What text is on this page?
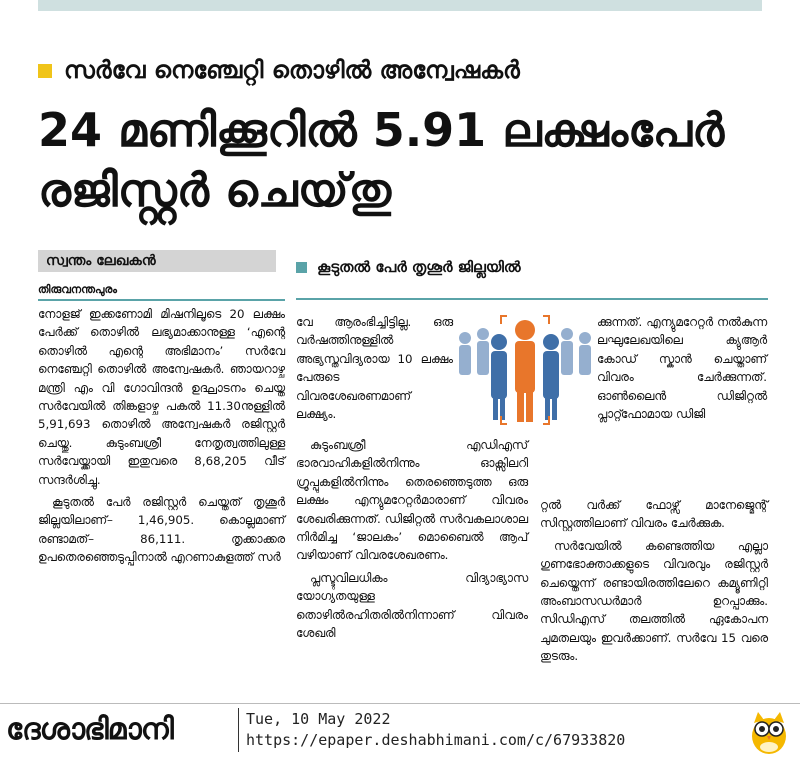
സർവേ നെഞ്ചേറ്റി തൊഴിൽ അന്വേഷകർ
24 മണിക്കൂറിൽ 5.91 ലക്ഷംപേർ
രജിസ്റ്റർ ചെയ്‌തു
സ്വന്തം ലേഖകൻ
തിരുവനന്തപുരം
കൂടുതൽ പേർ തൃശൂർ ജില്ലയിൽ

നോളജ് ഇക്കണോമി മിഷനിലൂടെ 20 ലക്ഷം പേർക്ക് തൊഴിൽ ലഭ്യമാക്കാനുള്ള ‘എന്റെ തൊഴിൽ എന്റെ അഭിമാനം’ സർവേ നെഞ്ചേറ്റി തൊഴിൽ അന്വേഷകർ. ഞായറാഴ്ച മന്ത്രി എം വി ഗോവിന്ദൻ ഉദ്ഘാടനം ചെയ്ത സർവേയിൽ തിങ്കളാഴ്ച പകൽ 11.30നുള്ളിൽ 5,91,693 തൊഴിൽ അന്വേഷകർ രജിസ്റ്റർ ചെയ്തു. കുടുംബശ്രീ നേതൃത്വത്തിലുള്ള സർവേയ്ക്കായി ഇതുവരെ 8,68,205 വീട് സന്ദർശിച്ചു.

കൂടുതൽ പേർ രജിസ്റ്റർ ചെയ്തത് തൃശൂർ ജില്ലയിലാണ്– 1,46,905. കൊല്ലമാണ് രണ്ടാമത്– 86,111. തൃക്കാക്കര ഉപതെരഞ്ഞെടുപ്പിനാൽ എറണാകുളത്ത് സർ

വേ ആരംഭിച്ചിട്ടില്ല. ഒരു വർഷത്തിനുള്ളിൽ അഭ്യസ്തവിദ്യരായ 10 ലക്ഷം പേരുടെ വിവരശേഖരണമാണ് ലക്ഷ്യം.

കുടുംബശ്രീ എഡിഎസ് ഭാരവാഹികളിൽനിന്നും ഓക്സിലറി ഗ്രൂപ്പുകളിൽനിന്നും തെരഞ്ഞെടുത്ത ഒരു ലക്ഷം എന്യുമറേറ്റർമാരാണ് വിവരം ശേഖരിക്കുന്നത്. ഡിജിറ്റൽ സർവകലാശാല നിർമിച്ച ‘ജാലകം’ മൊബൈൽ ആപ് വഴിയാണ് വിവരശേഖരണം.

പ്ലസ്ടുവിലധികം വിദ്യാഭ്യാസ യോഗ്യതയുള്ള തൊഴിൽരഹിതരിൽനിന്നാണ് വിവരം ശേഖരി

ക്കുന്നത്. എന്യുമറേറ്റർ നൽകുന്ന ലഘുലേഖയിലെ ക്യുആർ കോഡ് സ്കാൻ ചെയ്താണ് വിവരം ചേർക്കുന്നത്. ഓൺലൈൻ ഡിജിറ്റൽ പ്ലാറ്റ്ഫോമായ ഡിജി

റ്റൽ വർക്ക് ഫോഴ്സ് മാനേജ്മെന്റ് സിസ്റ്റത്തിലാണ് വിവരം ചേർക്കുക.

സർവേയിൽ കണ്ടെത്തിയ എല്ലാ ഗുണഭോക്താക്കളുടെ വിവരവും രജിസ്റ്റർ ചെയ്തെന്ന് രണ്ടായിരത്തിലേറെ കമ്യൂണിറ്റി അംബാസഡർമാർ ഉറപ്പാക്കും. സിഡിഎസ് തലത്തിൽ ഏകോപന ചുമതലയും ഇവർക്കാണ്. സർവേ 15 വരെ തുടരും.

ദേശാഭിമാനി	Tue, 10 May 2022
https://epaper.deshabhimani.com/c/67933820
